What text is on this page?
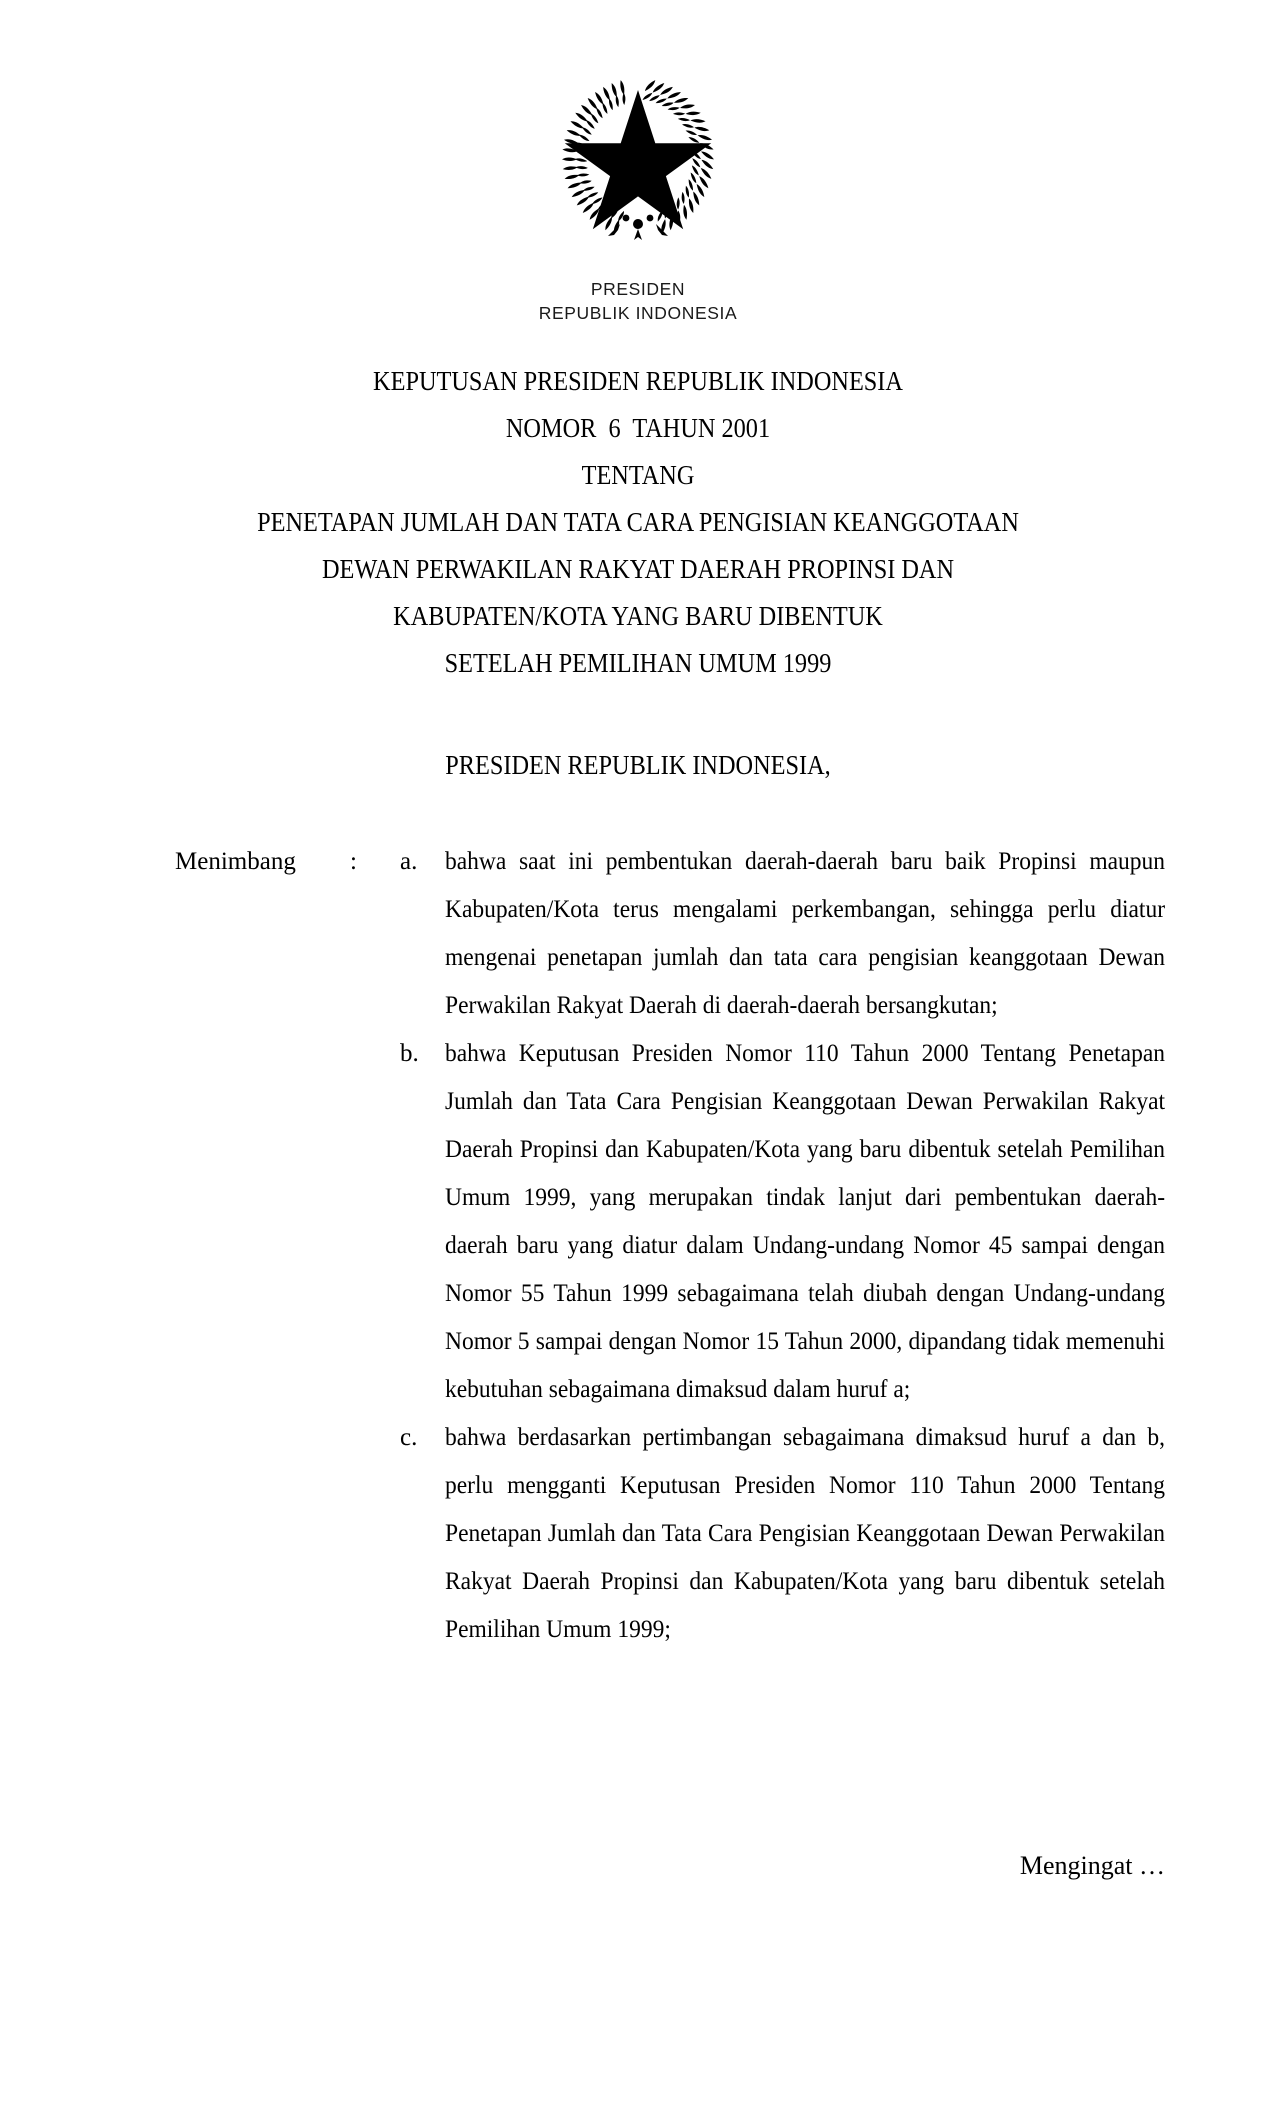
PRESIDEN
REPUBLIK INDONESIA
KEPUTUSAN PRESIDEN REPUBLIK INDONESIA
NOMOR  6  TAHUN 2001
TENTANG
PENETAPAN JUMLAH DAN TATA CARA PENGISIAN KEANGGOTAAN
DEWAN PERWAKILAN RAKYAT DAERAH PROPINSI DAN
KABUPATEN/KOTA YANG BARU DIBENTUK
SETELAH PEMILIHAN UMUM 1999
PRESIDEN REPUBLIK INDONESIA,
Menimbang	:	a.	bahwa saat ini pembentukan daerah-daerah baru baik Propinsi maupun Kabupaten/Kota terus mengalami perkembangan, sehingga perlu diatur mengenai penetapan jumlah dan tata cara pengisian keanggotaan Dewan Perwakilan Rakyat Daerah di daerah-daerah bersangkutan;
b.	bahwa Keputusan Presiden Nomor 110 Tahun 2000 Tentang Penetapan Jumlah dan Tata Cara Pengisian Keanggotaan Dewan Perwakilan Rakyat Daerah Propinsi dan Kabupaten/Kota yang baru dibentuk setelah Pemilihan Umum 1999, yang merupakan tindak lanjut dari pembentukan daerah-daerah baru yang diatur dalam Undang-undang Nomor 45 sampai dengan Nomor 55 Tahun 1999 sebagaimana telah diubah dengan Undang-undang Nomor 5 sampai dengan Nomor 15 Tahun 2000, dipandang tidak memenuhi kebutuhan sebagaimana dimaksud dalam huruf a;
c.	bahwa berdasarkan pertimbangan sebagaimana dimaksud huruf a dan b, perlu mengganti Keputusan Presiden Nomor 110 Tahun 2000 Tentang Penetapan Jumlah dan Tata Cara Pengisian Keanggotaan Dewan Perwakilan Rakyat Daerah Propinsi dan Kabupaten/Kota yang baru dibentuk setelah Pemilihan Umum 1999;
Mengingat …
